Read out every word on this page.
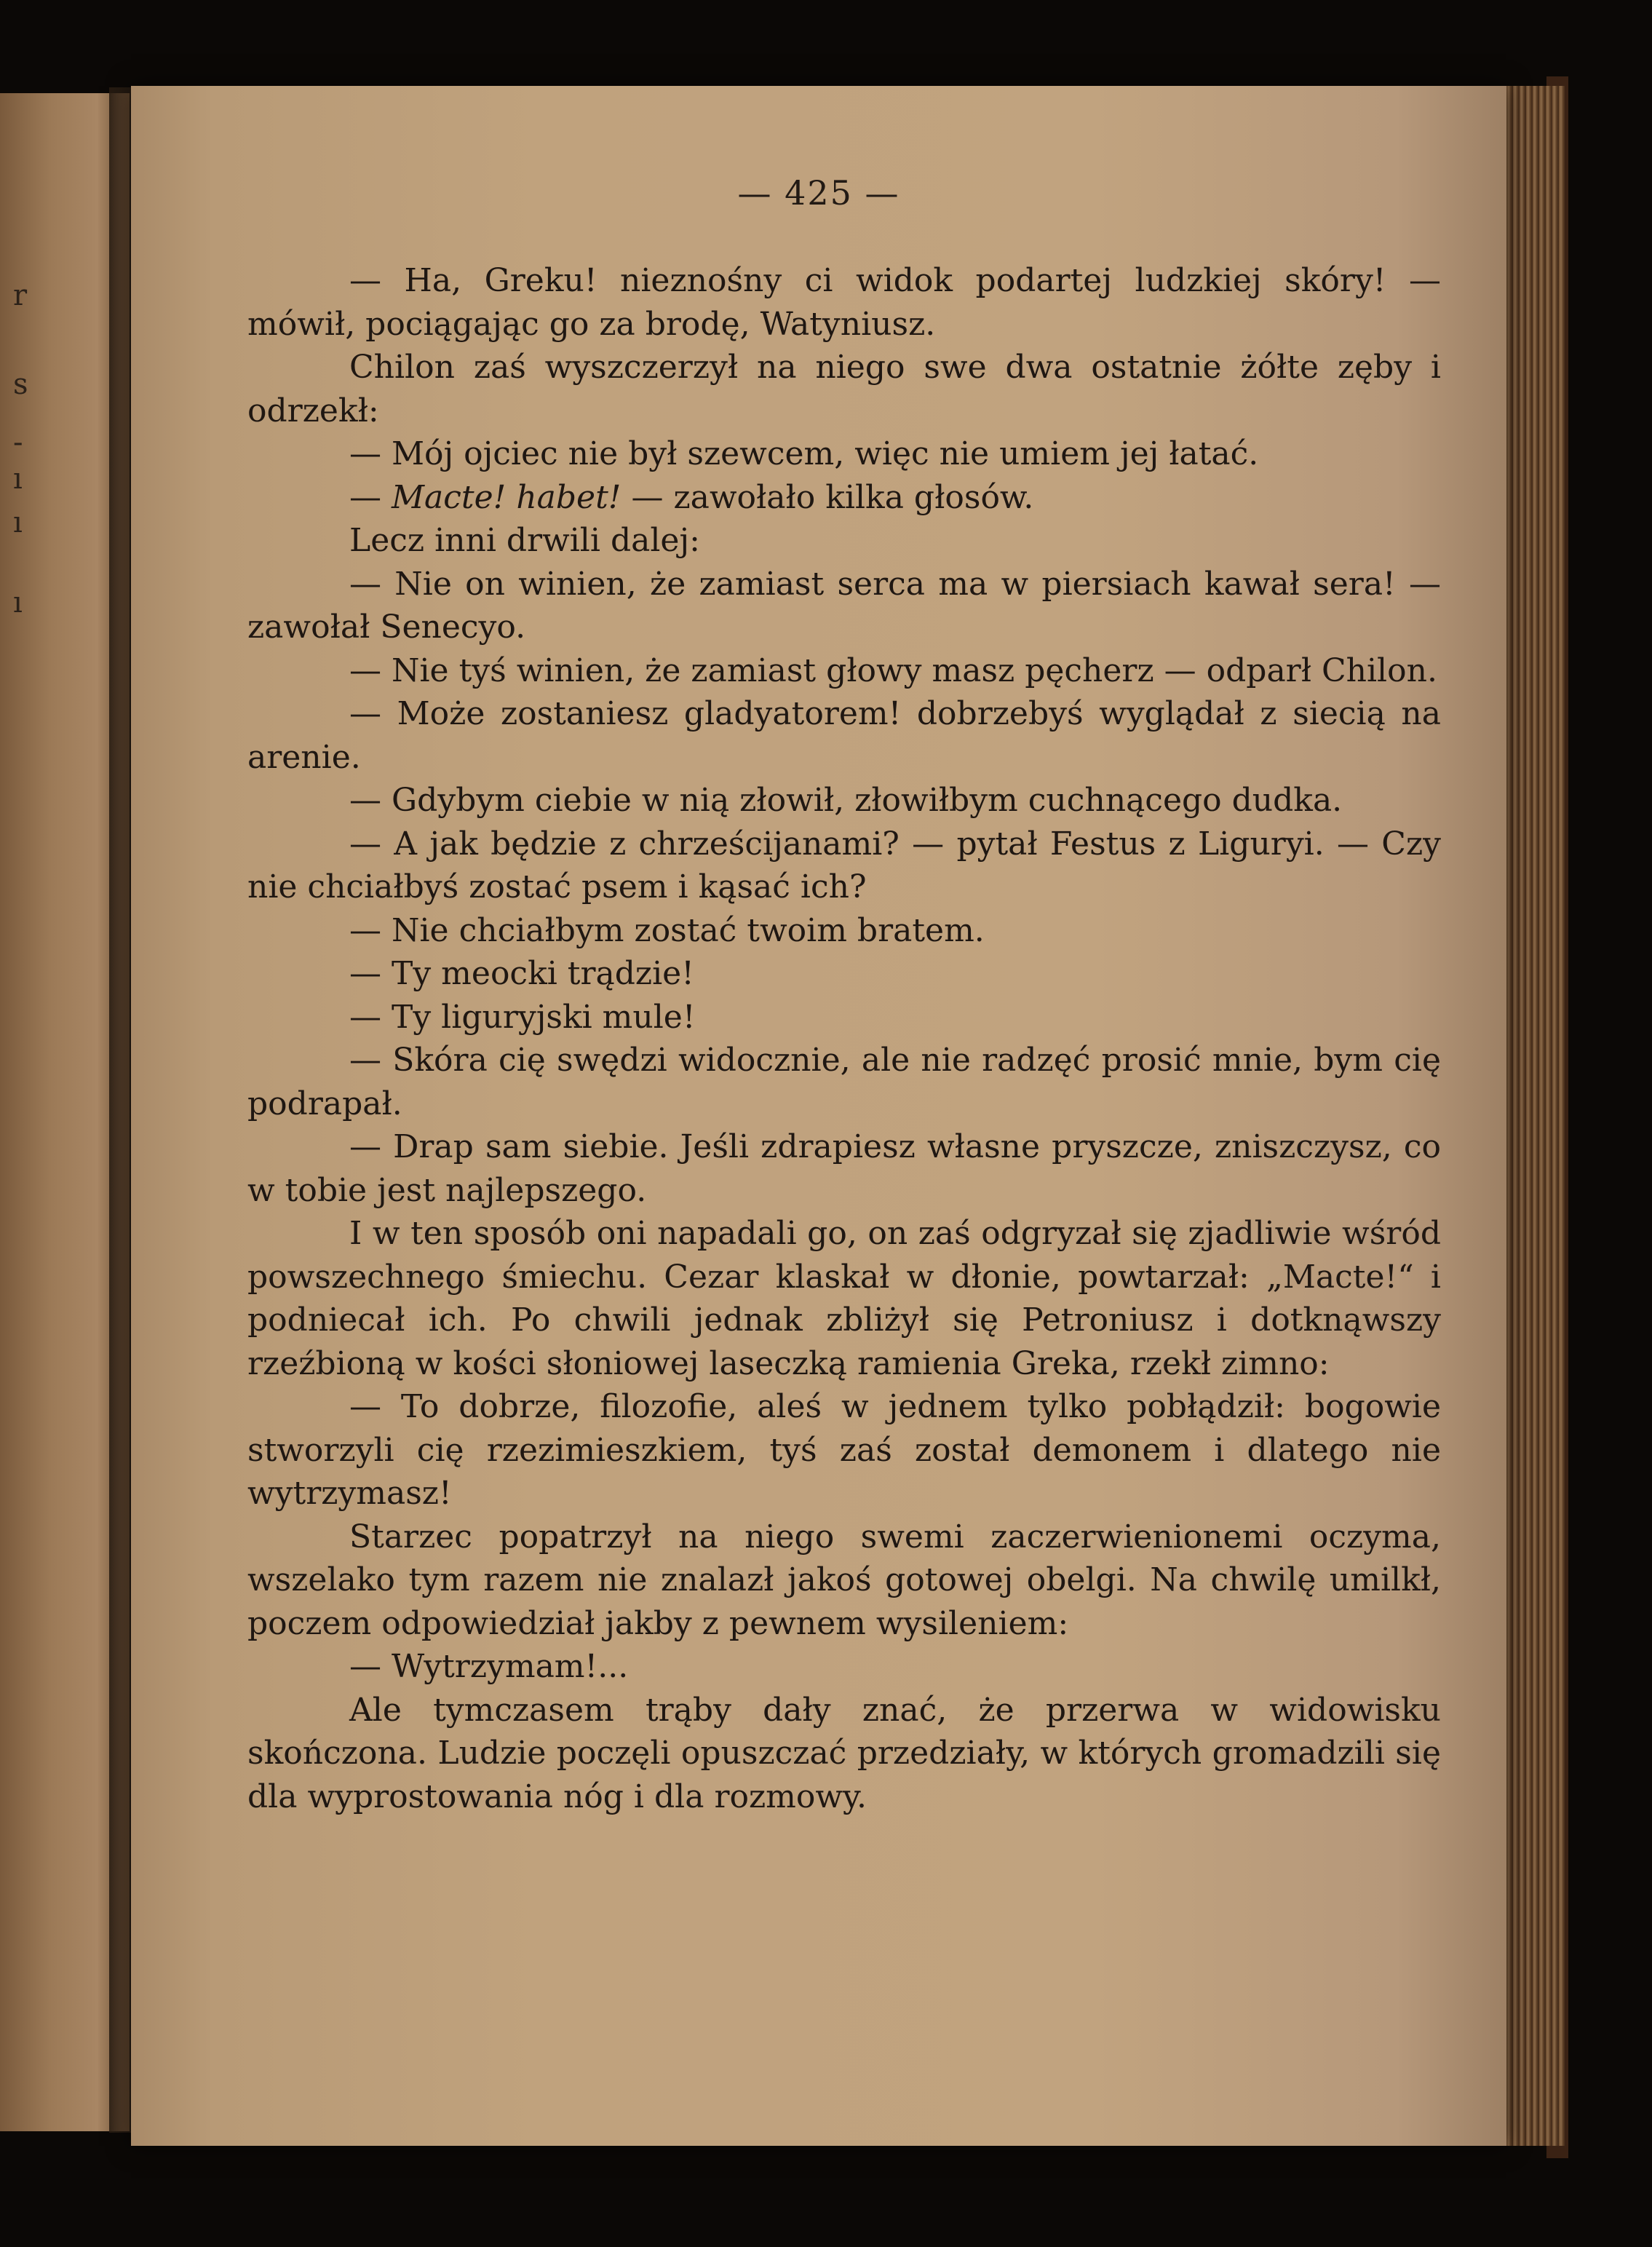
r
s
-
ı
ı
ı
— 425 —

— Ha, Greku! nieznośny ci widok podartej ludzkiej skóry! — mówił, pociągając go za brodę, Watyniusz.

Chilon zaś wyszczerzył na niego swe dwa ostatnie żółte zęby i odrzekł:

— Mój ojciec nie był szewcem, więc nie umiem jej łatać.

— Macte! habet! — zawołało kilka głosów.

Lecz inni drwili dalej:

— Nie on winien, że zamiast serca ma w piersiach kawał sera! — zawołał Senecyo.

— Nie tyś winien, że zamiast głowy masz pęcherz — odparł Chilon.

— Może zostaniesz gladyatorem! dobrzebyś wyglądał z siecią na arenie.

— Gdybym ciebie w nią złowił, złowiłbym cuchnącego dudka.

— A jak będzie z chrześcijanami? — pytał Festus z Liguryi. — Czy nie chciałbyś zostać psem i kąsać ich?

— Nie chciałbym zostać twoim bratem.

— Ty meocki trądzie!

— Ty liguryjski mule!

— Skóra cię swędzi widocznie, ale nie radzęć prosić mnie, bym cię podrapał.

— Drap sam siebie. Jeśli zdrapiesz własne pryszcze, zniszczysz, co w tobie jest najlepszego.

I w ten sposób oni napadali go, on zaś odgryzał się zjadliwie wśród powszechnego śmiechu. Cezar klaskał w dłonie, powtarzał: „Macte!“ i podniecał ich. Po chwili jednak zbliżył się Petroniusz i dotknąwszy rzeźbioną w kości słoniowej laseczką ramienia Greka, rzekł zimno:

— To dobrze, filozofie, aleś w jednem tylko pobłądził: bogowie stworzyli cię rzezimieszkiem, tyś zaś został demonem i dlatego nie wytrzymasz!

Starzec popatrzył na niego swemi zaczerwienionemi oczyma, wszelako tym razem nie znalazł jakoś gotowej obelgi. Na chwilę umilkł, poczem odpowiedział jakby z pewnem wysileniem:

— Wytrzymam!...

Ale tymczasem trąby dały znać, że przerwa w widowisku skończona. Ludzie poczęli opuszczać przedziały, w których gromadzili się dla wyprostowania nóg i dla rozmowy.
